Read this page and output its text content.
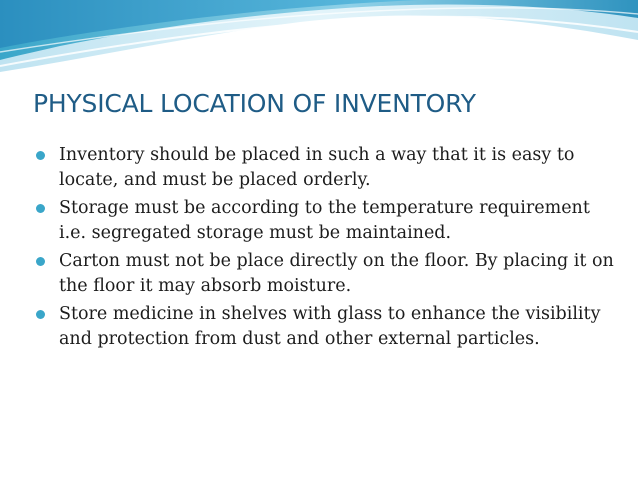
PHYSICAL LOCATION OF INVENTORY
Inventory should be placed in such a way that it is easy to locate, and must be placed orderly.
Storage must be according to the temperature requirement i.e. segregated storage must be maintained.
Carton must not be place directly on the floor. By placing it on the floor it may absorb moisture.
Store medicine in shelves with glass to enhance the visibility and protection from dust and other external particles.
